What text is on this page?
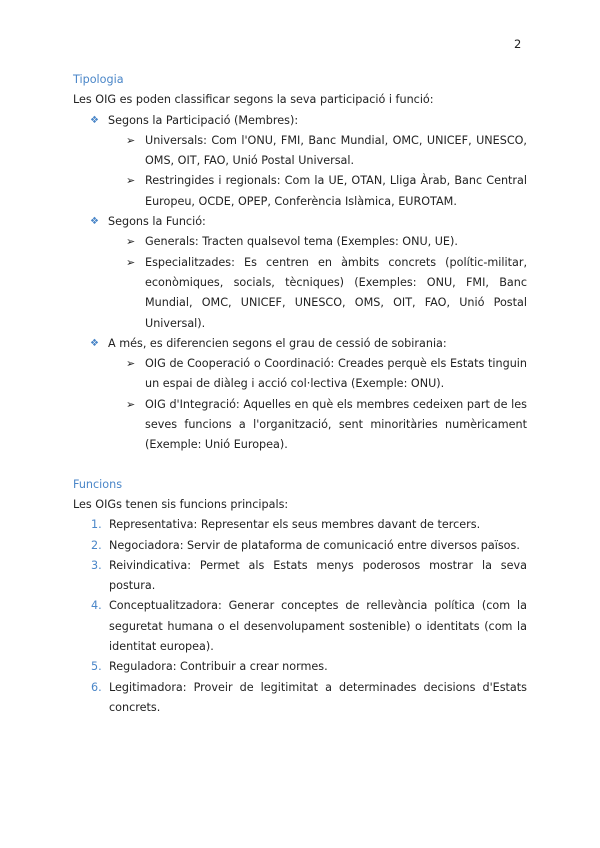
2
Tipologia
Les OIG es poden classificar segons la seva participació i funció:
❖ Segons la Participació (Membres):
➢ Universals: Com l'ONU, FMI, Banc Mundial, OMC, UNICEF, UNESCO, OMS, OIT, FAO, Unió Postal Universal.
➢ Restringides i regionals: Com la UE, OTAN, Lliga Àrab, Banc Central Europeu, OCDE, OPEP, Conferència Islàmica, EUROTAM.
❖ Segons la Funció:
➢ Generals: Tracten qualsevol tema (Exemples: ONU, UE).
➢ Especialitzades: Es centren en àmbits concrets (polític-militar, econòmiques, socials, tècniques) (Exemples: ONU, FMI, Banc Mundial, OMC, UNICEF, UNESCO, OMS, OIT, FAO, Unió Postal Universal).
❖ A més, es diferencien segons el grau de cessió de sobirania:
➢ OIG de Cooperació o Coordinació: Creades perquè els Estats tinguin un espai de diàleg i acció col·lectiva (Exemple: ONU).
➢ OIG d'Integració: Aquelles en què els membres cedeixen part de les seves funcions a l'organització, sent minoritàries numèricament (Exemple: Unió Europea).
Funcions
Les OIGs tenen sis funcions principals:
1. Representativa: Representar els seus membres davant de tercers.
2. Negociadora: Servir de plataforma de comunicació entre diversos països.
3. Reivindicativa: Permet als Estats menys poderosos mostrar la seva postura.
4. Conceptualitzadora: Generar conceptes de rellevància política (com la seguretat humana o el desenvolupament sostenible) o identitats (com la identitat europea).
5. Reguladora: Contribuir a crear normes.
6. Legitimadora: Proveir de legitimitat a determinades decisions d'Estats concrets.
